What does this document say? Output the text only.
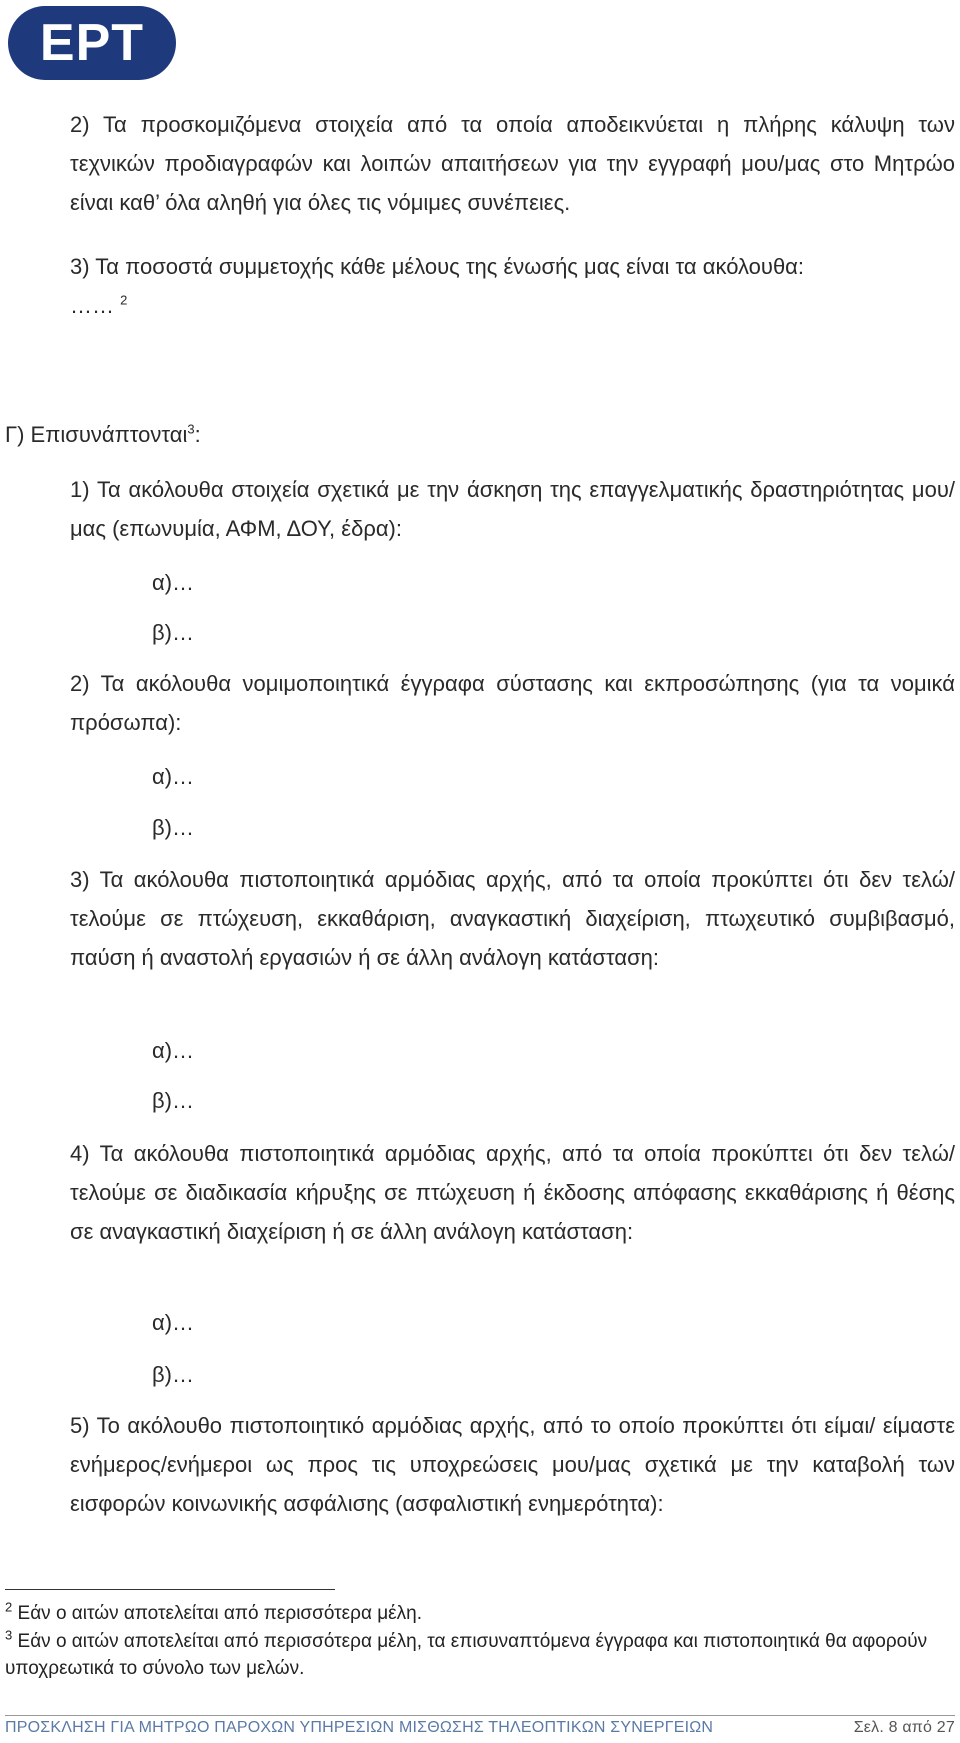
ΕΡΤ

2) Τα προσκομιζόμενα στοιχεία από τα οποία αποδεικνύεται η πλήρης κάλυψη των τεχνικών προδιαγραφών και λοιπών απαιτήσεων για την εγγραφή μου/μας στο Μητρώο είναι καθ’ όλα αληθή για όλες τις νόμιμες συνέπειες.

3) Τα ποσοστά συμμετοχής κάθε μέλους της ένωσής μας είναι τα ακόλουθα:

…… $^2$
Γ) Επισυνάπτονται$^3$:

1) Τα ακόλουθα στοιχεία σχετικά με την άσκηση της επαγγελματικής δραστηριότητας μου/μας (επωνυμία, ΑΦΜ, ΔΟΥ, έδρα):

α)…
β)…

2) Τα ακόλουθα νομιμοποιητικά έγγραφα σύστασης και εκπροσώπησης (για τα νομικά πρόσωπα):

α)…
β)…

3) Τα ακόλουθα πιστοποιητικά αρμόδιας αρχής, από τα οποία προκύπτει ότι δεν τελώ/τελούμε σε πτώχευση, εκκαθάριση, αναγκαστική διαχείριση, πτωχευτικό συμβιβασμό, παύση ή αναστολή εργασιών ή σε άλλη ανάλογη κατάσταση:

α)…
β)…

4) Τα ακόλουθα πιστοποιητικά αρμόδιας αρχής, από τα οποία προκύπτει ότι δεν τελώ/τελούμε σε διαδικασία κήρυξης σε πτώχευση ή έκδοσης απόφασης εκκαθάρισης ή θέσης σε αναγκαστική διαχείριση ή σε άλλη ανάλογη κατάσταση:

α)…
β)…

5) Το ακόλουθο πιστοποιητικό αρμόδιας αρχής, από το οποίο προκύπτει ότι είμαι/ είμαστε ενήμερος/ενήμεροι ως προς τις υποχρεώσεις μου/μας σχετικά με την καταβολή των εισφορών κοινωνικής ασφάλισης (ασφαλιστική ενημερότητα):

$^2$ Εάν ο αιτών αποτελείται από περισσότερα μέλη.

$^3$ Εάν ο αιτών αποτελείται από περισσότερα μέλη, τα επισυναπτόμενα έγγραφα και πιστοποιητικά θα αφορούν υποχρεωτικά το σύνολο των μελών.

ΠΡΟΣΚΛΗΣΗ ΓΙΑ ΜΗΤΡΩΟ ΠΑΡΟΧΩΝ ΥΠΗΡΕΣΙΩΝ ΜΙΣΘΩΣΗΣ ΤΗΛΕΟΠΤΙΚΩΝ ΣΥΝΕΡΓΕΙΩΝ	Σελ. 8 από 27
